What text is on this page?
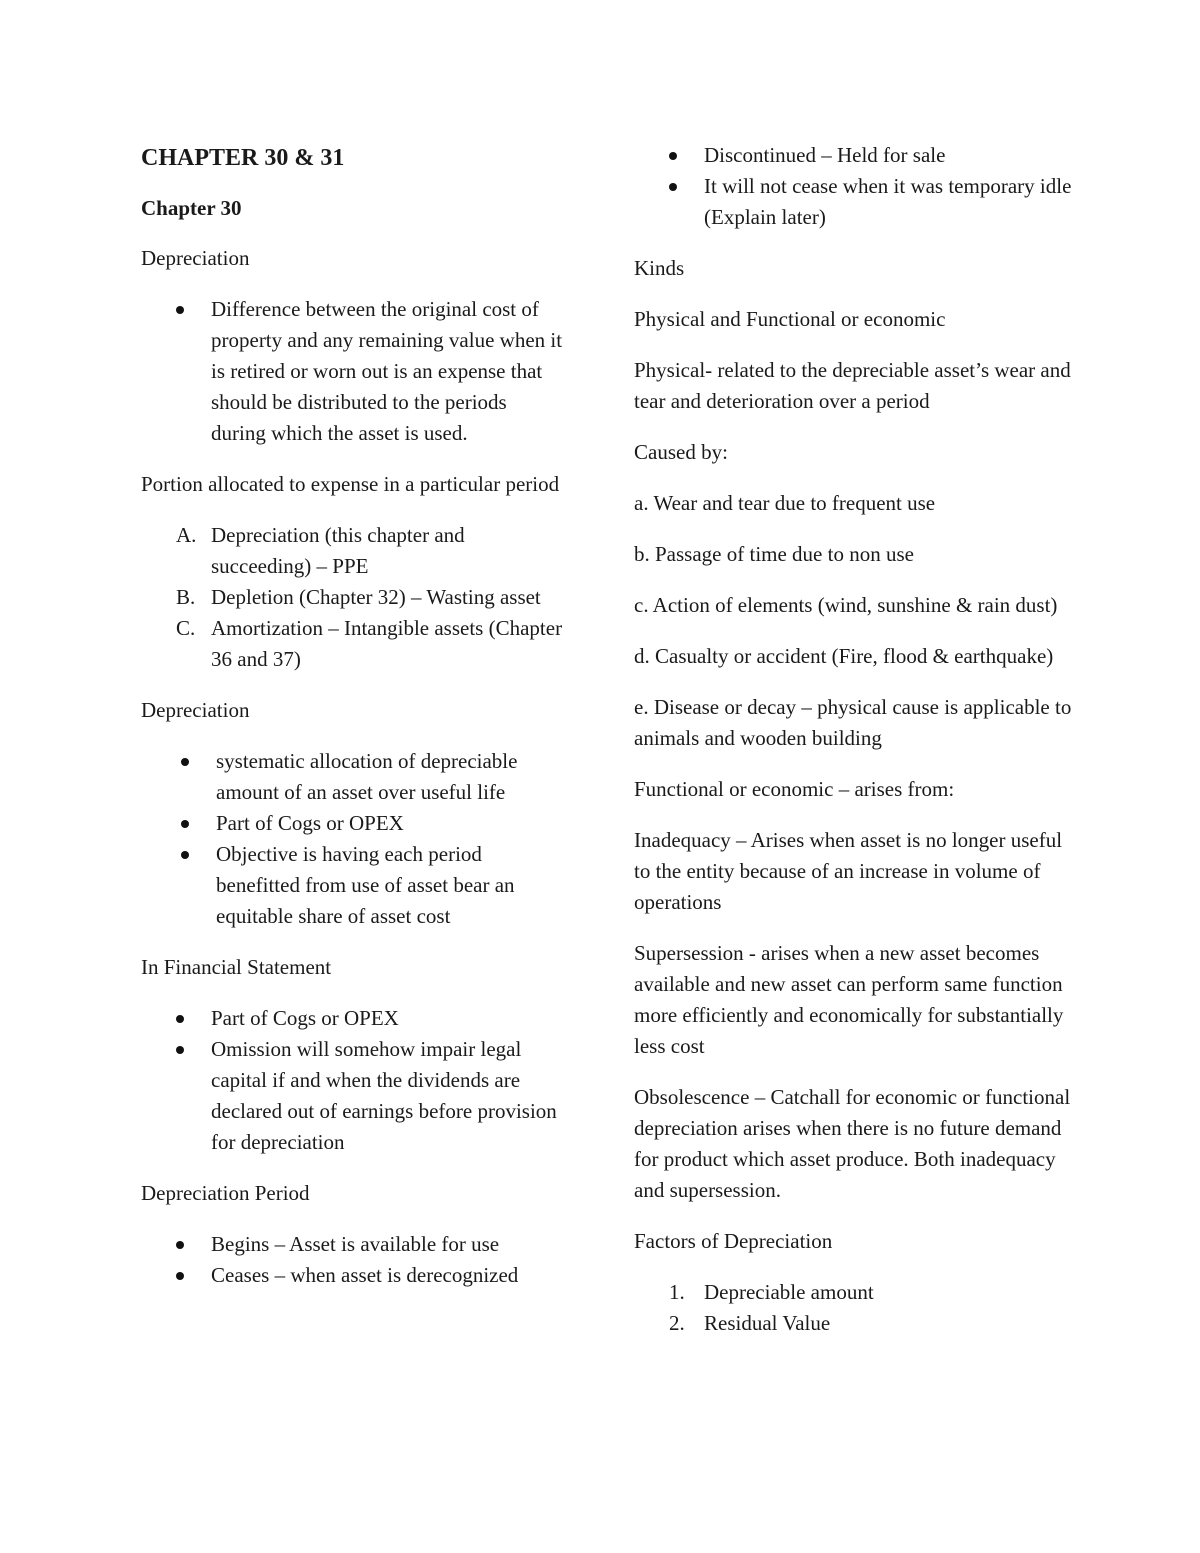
CHAPTER 30 & 31
Chapter 30

Depreciation

Difference between the original cost of property and any remaining value when it is retired or worn out is an expense that should be distributed to the periods during which the asset is used.

Portion allocated to expense in a particular period

A. Depreciation (this chapter and succeeding) – PPE
B. Depletion (Chapter 32) – Wasting asset
C. Amortization – Intangible assets (Chapter 36 and 37)

Depreciation

systematic allocation of depreciable amount of an asset over useful life
Part of Cogs or OPEX
Objective is having each period benefitted from use of asset bear an equitable share of asset cost

In Financial Statement

Part of Cogs or OPEX
Omission will somehow impair legal capital if and when the dividends are declared out of earnings before provision for depreciation

Depreciation Period

Begins – Asset is available for use
Ceases – when asset is derecognized
Discontinued – Held for sale
It will not cease when it was temporary idle (Explain later)

Kinds

Physical and Functional or economic

Physical- related to the depreciable asset’s wear and tear and deterioration over a period

Caused by:

a. Wear and tear due to frequent use

b. Passage of time due to non use

c. Action of elements (wind, sunshine & rain dust)

d. Casualty or accident (Fire, flood & earthquake)

e. Disease or decay – physical cause is applicable to animals and wooden building

Functional or economic – arises from:

Inadequacy – Arises when asset is no longer useful to the entity because of an increase in volume of operations

Supersession - arises when a new asset becomes available and new asset can perform same function more efficiently and economically for substantially less cost

Obsolescence – Catchall for economic or functional depreciation arises when there is no future demand for product which asset produce. Both inadequacy and supersession.

Factors of Depreciation

1. Depreciable amount
2. Residual Value
